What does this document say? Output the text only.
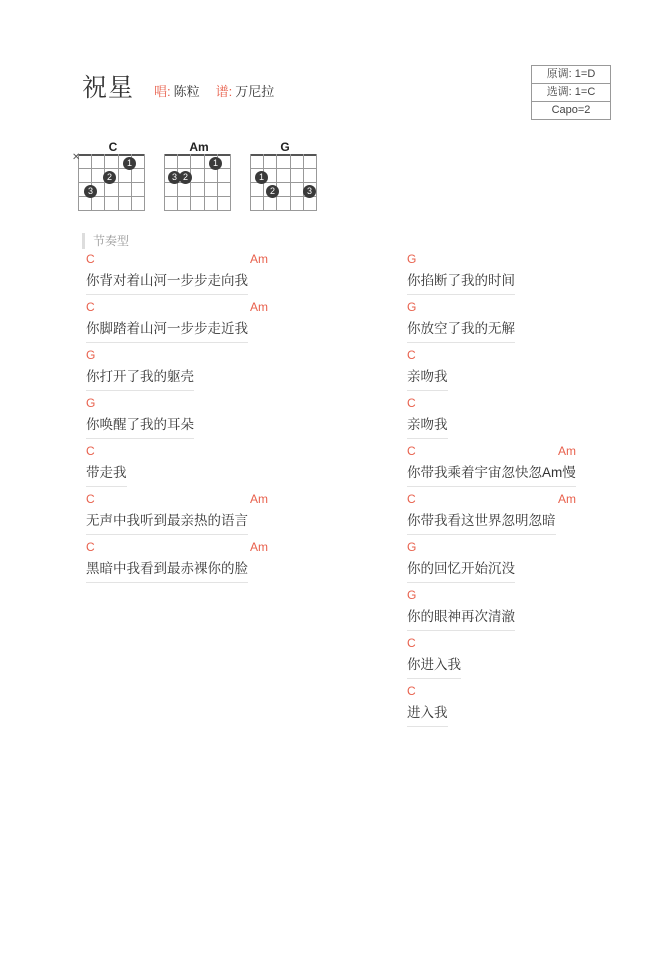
祝星 唱: 陈粒 谱: 万尼拉
原调: 1=D
选调: 1=C
Capo=2
C
1
2
3
✕
Am
1
2
3
G
1
2	3
节奏型
C	Am
你背对着山河一步步走向我
C	Am
你脚踏着山河一步步走近我
G
你打开了我的躯壳
G
你唤醒了我的耳朵
C
带走我
C	Am
无声中我听到最亲热的语言
C	Am
黑暗中我看到最赤裸你的脸
G
你掐断了我的时间
G
你放空了我的无解
C
亲吻我
C
亲吻我
C	Am
你带我乘着宇宙忽快忽Am慢
C	Am
你带我看这世界忽明忽暗
G
你的回忆开始沉没
G
你的眼神再次清澈
C
你进入我
C
进入我
